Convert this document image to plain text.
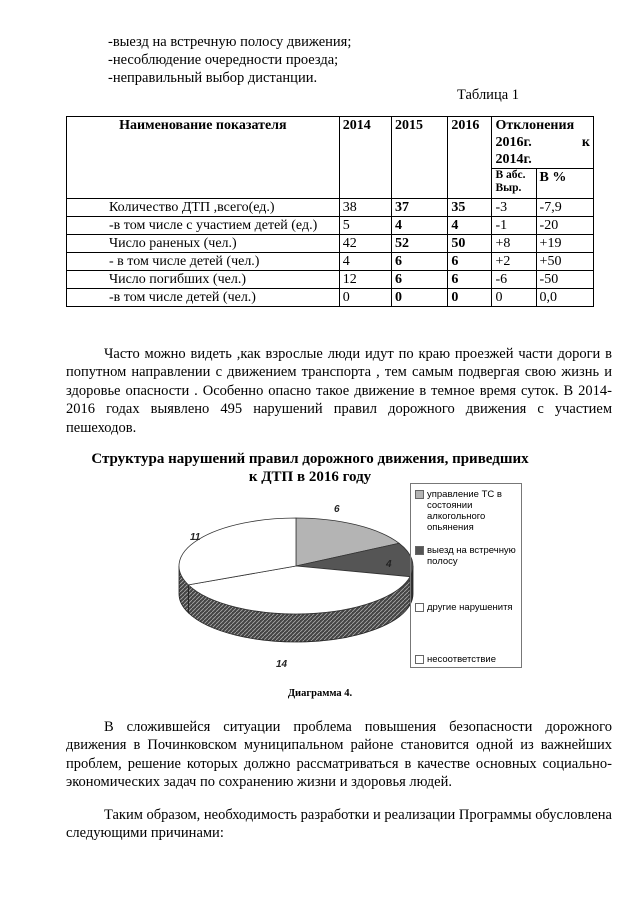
-выезд на встречную полосу движения;
-несоблюдение очередности проезда;
-неправильный выбор дистанции.
Таблица 1
Наименование показателя	2014	2015	2016	Отклонения
2016г. к
2014г.	

				В абс. Выр.	В %
Количество ДТП ,всего(ед.)	38	37	35	-3	-7,9
-в том числе с участием детей (ед.)	5	4	4	-1	-20
Число раненых (чел.)	42	52	50	+8	+19
- в том числе детей (чел.)	4	6	6	+2	+50
Число погибших (чел.)	12	6	6	-6	-50
-в том числе детей (чел.)	0	0	0	0	0,0
Часто можно видеть ,как взрослые люди идут по краю проезжей части дороги в попутном направлении с движением транспорта , тем самым подвергая свою жизнь и здоровье опасности . Особенно опасно такое движение в темное время суток. В 2014-2016 годах выявлено 495 нарушений правил дорожного движения с участием пешеходов.
Структура нарушений правил дорожного движения, приведших к ДТП в 2016 году
6
4
14
11
управление ТС в состоянии алкогольного опьянения
выезд на встречную полосу
другие нарушенитя
несоответствие
Диаграмма 4.
В сложившейся ситуации проблема повышения безопасности дорожного движения в Починковском муниципальном районе становится одной из важнейших проблем, решение которых должно рассматриваться в качестве основных социально-экономических задач по сохранению жизни и здоровья людей.
Таким образом, необходимость разработки и реализации Программы обусловлена следующими причинами:
